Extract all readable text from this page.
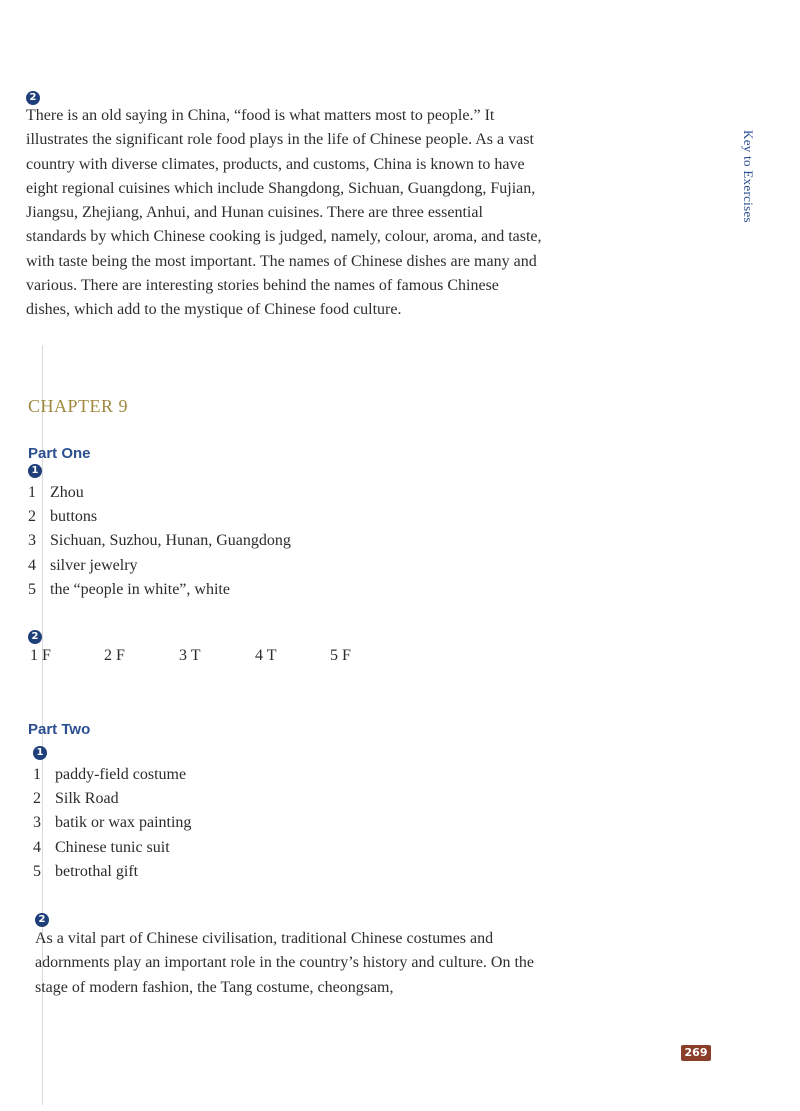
Key to Exercises
2

There is an old saying in China, “food is what matters most to people.” It illustrates the significant role food plays in the life of Chinese people. As a vast country with diverse climates, products, and customs, China is known to have eight regional cuisines which include Shangdong, Sichuan, Guangdong, Fujian, Jiangsu, Zhejiang, Anhui, and Hunan cuisines. There are three essential standards by which Chinese cooking is judged, namely, colour, aroma, and taste, with taste being the most important. The names of Chinese dishes are many and various. There are interesting stories behind the names of famous Chinese dishes, which add to the mystique of Chinese food culture.

CHAPTER 9
Part One
1
1 Zhou
2 buttons
3 Sichuan, Suzhou, Hunan, Guangdong
4 silver jewelry
5 the “people in white”, white
2
1 F	2 F	3 T	4 T	5 F
Part Two
1
1 paddy-field costume
2 Silk Road
3 batik or wax painting
4 Chinese tunic suit
5 betrothal gift
2

As a vital part of Chinese civilisation, traditional Chinese costumes and adornments play an important role in the country’s history and culture. On the stage of modern fashion, the Tang costume, cheongsam,

269
